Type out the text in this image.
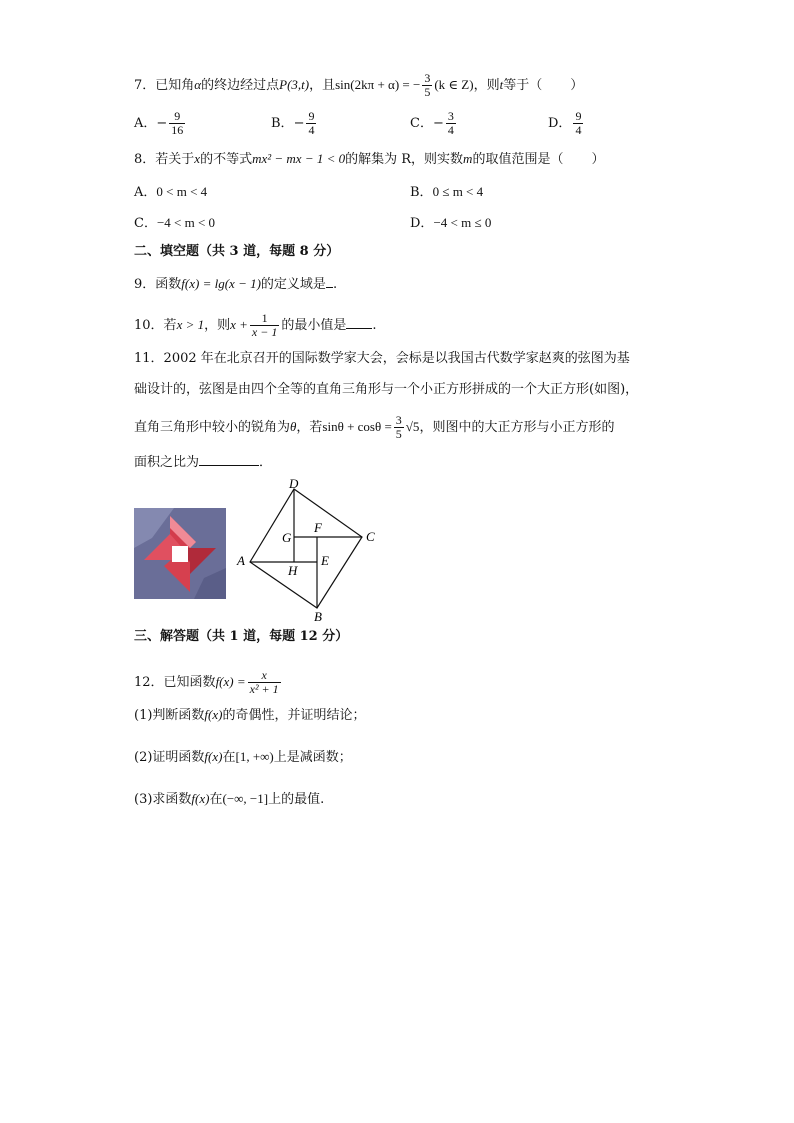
7．已知角α的终边经过点P(3,t)，且sin(2kπ + α) = − $\frac{3}{5} (k$ ∈ Z)，则t等于（ ）
A．− $\frac{9}{16}$	B．− $\frac{9}{4}$	C．− $\frac{3}{4}$	D． $\frac{9}{4}$
8．若关于x的不等式mx² − mx − 1 < 0的解集为 R，则实数m的取值范围是（ ）
A．0 < m < 4	B．0 ≤ m < 4
C．−4 < m < 0	D．−4 < m ≤ 0
二、填空题（共 3 道，每题 8 分）
9．函数f(x) = lg(x − 1)的定义域是 .
10．若x > 1，则$x + \frac{1}{x - 1}$ 的最小值是 .
11．2002 年在北京召开的国际数学家大会，会标是以我国古代数学家赵爽的弦图为基
础设计的，弦图是由四个全等的直角三角形与一个小正方形拼成的一个大正方形(如图)，
直角三角形中较小的锐角为θ，若$\sin\theta + \cos\theta = \frac{3}{5} √5$，则图中的大正方形与小正方形的
面积之比为	．
D
A
C
B
G
F
H
E
三、解答题（共 1 道，每题 12 分）
12．已知函数$f(x) = \frac{x}{\text{x² + 1}}$
(1)判断函数f(x)的奇偶性，并证明结论；
(2)证明函数f(x)在[1, +∞)上是减函数；
(3)求函数f(x)在(−∞, −1]上的最值.
